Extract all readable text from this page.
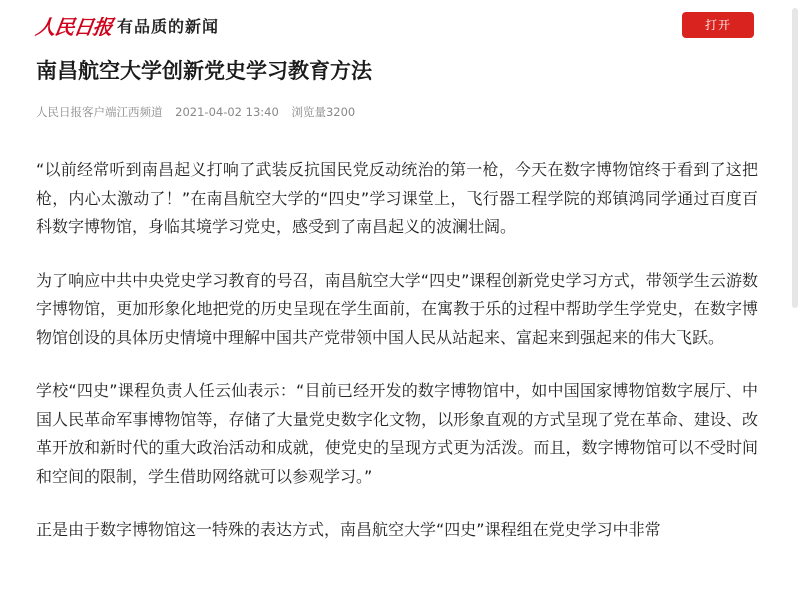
人民日报 有品质的新闻	打开
南昌航空大学创新党史学习教育方法
人民日报客户端江西频道 2021-04-02 13:40 浏览量3200

“以前经常听到南昌起义打响了武装反抗国民党反动统治的第一枪，今天在数字博物馆终于看到了这把枪，内心太激动了！”在南昌航空大学的“四史”学习课堂上，飞行器工程学院的郑镇鸿同学通过百度百科数字博物馆，身临其境学习党史，感受到了南昌起义的波澜壮阔。

为了响应中共中央党史学习教育的号召，南昌航空大学“四史”课程创新党史学习方式，带领学生云游数字博物馆，更加形象化地把党的历史呈现在学生面前，在寓教于乐的过程中帮助学生学党史，在数字博物馆创设的具体历史情境中理解中国共产党带领中国人民从站起来、富起来到强起来的伟大飞跃。

学校“四史”课程负责人任云仙表示：“目前已经开发的数字博物馆中，如中国国家博物馆数字展厅、中国人民革命军事博物馆等，存储了大量党史数字化文物，以形象直观的方式呈现了党在革命、建设、改革开放和新时代的重大政治活动和成就，使党史的呈现方式更为活泼。而且，数字博物馆可以不受时间和空间的限制，学生借助网络就可以参观学习。”

正是由于数字博物馆这一特殊的表达方式，南昌航空大学“四史”课程组在党史学习中非常
